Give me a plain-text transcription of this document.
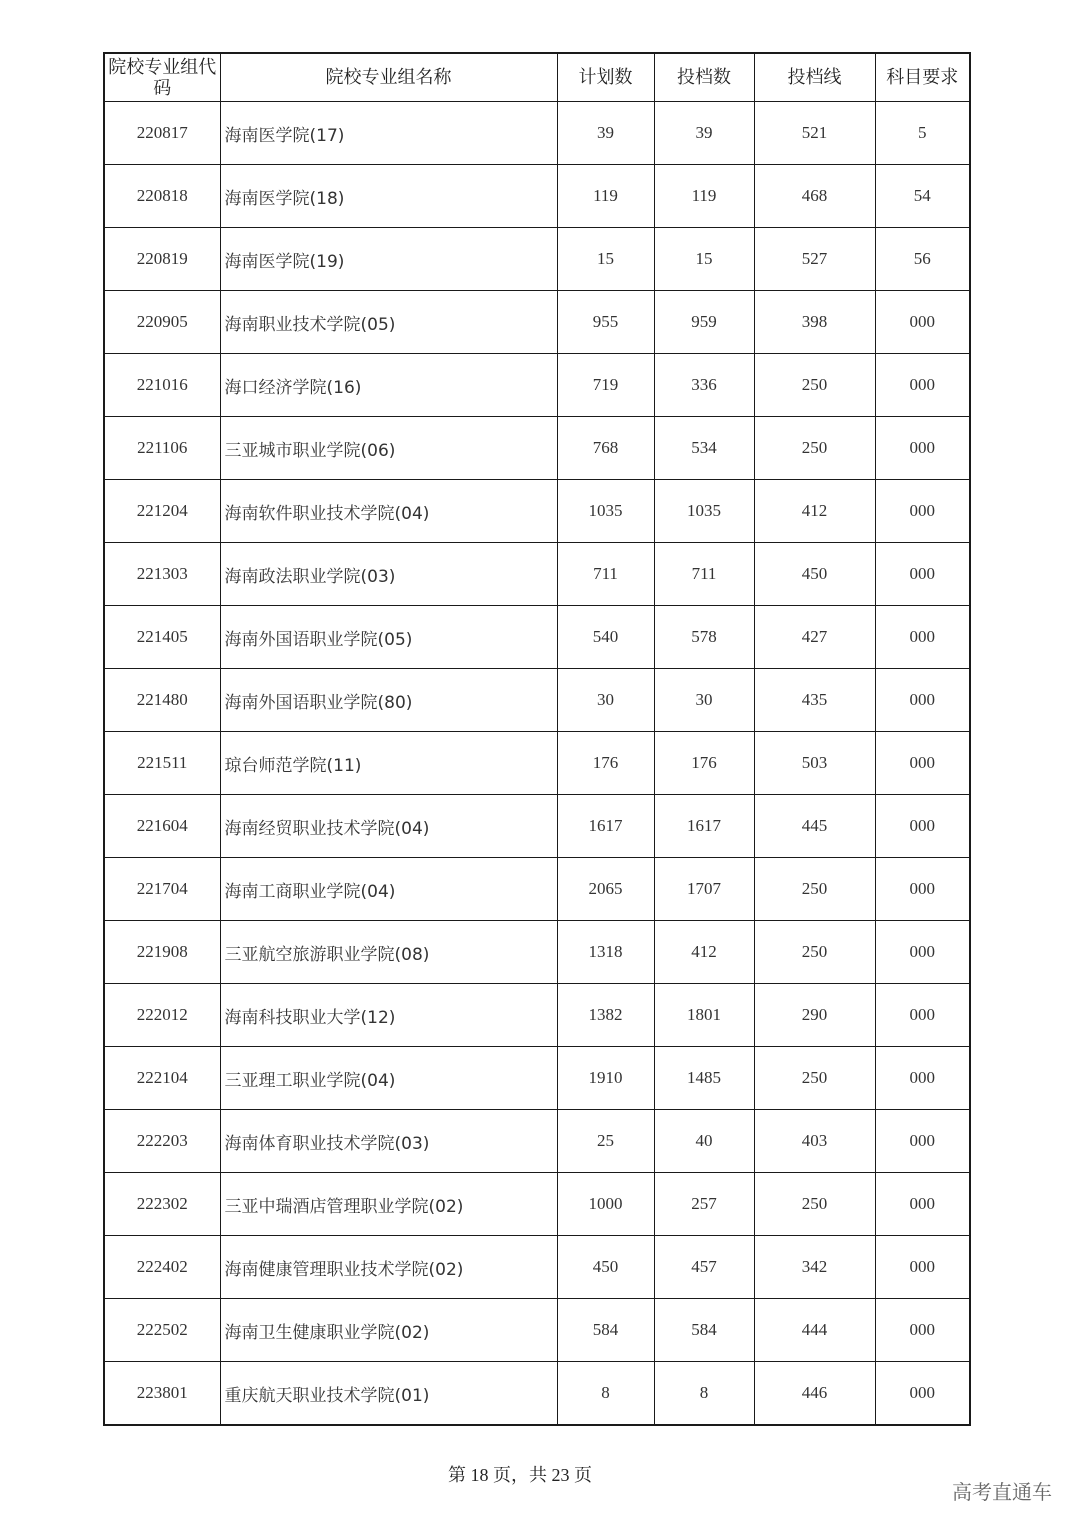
院校专业组代码	院校专业组名称	计划数	投档数	投档线	科目要求
220817	海南医学院(17)	39	39	521	5
220818	海南医学院(18)	119	119	468	54
220819	海南医学院(19)	15	15	527	56
220905	海南职业技术学院(05)	955	959	398	000
221016	海口经济学院(16)	719	336	250	000
221106	三亚城市职业学院(06)	768	534	250	000
221204	海南软件职业技术学院(04)	1035	1035	412	000
221303	海南政法职业学院(03)	711	711	450	000
221405	海南外国语职业学院(05)	540	578	427	000
221480	海南外国语职业学院(80)	30	30	435	000
221511	琼台师范学院(11)	176	176	503	000
221604	海南经贸职业技术学院(04)	1617	1617	445	000
221704	海南工商职业学院(04)	2065	1707	250	000
221908	三亚航空旅游职业学院(08)	1318	412	250	000
222012	海南科技职业大学(12)	1382	1801	290	000
222104	三亚理工职业学院(04)	1910	1485	250	000
222203	海南体育职业技术学院(03)	25	40	403	000
222302	三亚中瑞酒店管理职业学院(02)	1000	257	250	000
222402	海南健康管理职业技术学院(02)	450	457	342	000
222502	海南卫生健康职业学院(02)	584	584	444	000
223801	重庆航天职业技术学院(01)	8	8	446	000
第 18 页，共 23 页
高考直通车
